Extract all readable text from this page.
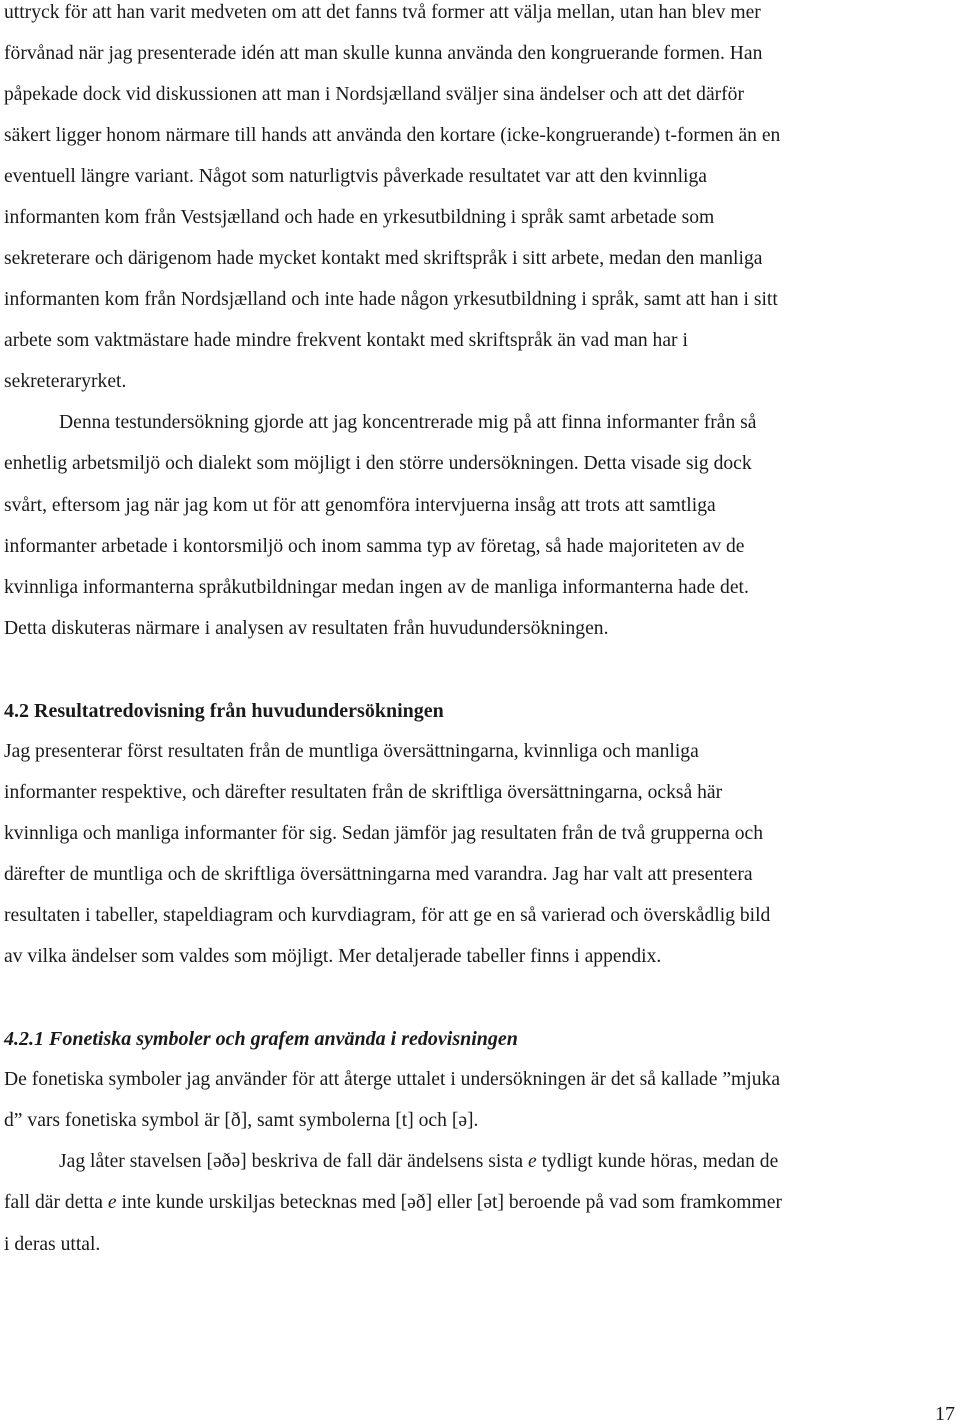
uttryck för att han varit medveten om att det fanns två former att välja mellan, utan han blev mer
förvånad när jag presenterade idén att man skulle kunna använda den kongruerande formen. Han
påpekade dock vid diskussionen att man i Nordsjælland sväljer sina ändelser och att det därför
säkert ligger honom närmare till hands att använda den kortare (icke-kongruerande) t-formen än en
eventuell längre variant. Något som naturligtvis påverkade resultatet var att den kvinnliga
informanten kom från Vestsjælland och hade en yrkesutbildning i språk samt arbetade som
sekreterare och därigenom hade mycket kontakt med skriftspråk i sitt arbete, medan den manliga
informanten kom från Nordsjælland och inte hade någon yrkesutbildning i språk, samt att han i sitt
arbete som vaktmästare hade mindre frekvent kontakt med skriftspråk än vad man har i
sekreteraryrket.
Denna testundersökning gjorde att jag koncentrerade mig på att finna informanter från så
enhetlig arbetsmiljö och dialekt som möjligt i den större undersökningen. Detta visade sig dock
svårt, eftersom jag när jag kom ut för att genomföra intervjuerna insåg att trots att samtliga
informanter arbetade i kontorsmiljö och inom samma typ av företag, så hade majoriteten av de
kvinnliga informanterna språkutbildningar medan ingen av de manliga informanterna hade det.
Detta diskuteras närmare i analysen av resultaten från huvudundersökningen.
4.2 Resultatredovisning från huvudundersökningen
Jag presenterar först resultaten från de muntliga översättningarna, kvinnliga och manliga
informanter respektive, och därefter resultaten från de skriftliga översättningarna, också här
kvinnliga och manliga informanter för sig. Sedan jämför jag resultaten från de två grupperna och
därefter de muntliga och de skriftliga översättningarna med varandra. Jag har valt att presentera
resultaten i tabeller, stapeldiagram och kurvdiagram, för att ge en så varierad och överskådlig bild
av vilka ändelser som valdes som möjligt. Mer detaljerade tabeller finns i appendix.
4.2.1 Fonetiska symboler och grafem använda i redovisningen
De fonetiska symboler jag använder för att återge uttalet i undersökningen är det så kallade ”mjuka
d” vars fonetiska symbol är [ð], samt symbolerna [t] och [ə].
Jag låter stavelsen [əðə] beskriva de fall där ändelsens sista e tydligt kunde höras, medan de
fall där detta e inte kunde urskiljas betecknas med [əð] eller [ət] beroende på vad som framkommer
i deras uttal.
17
